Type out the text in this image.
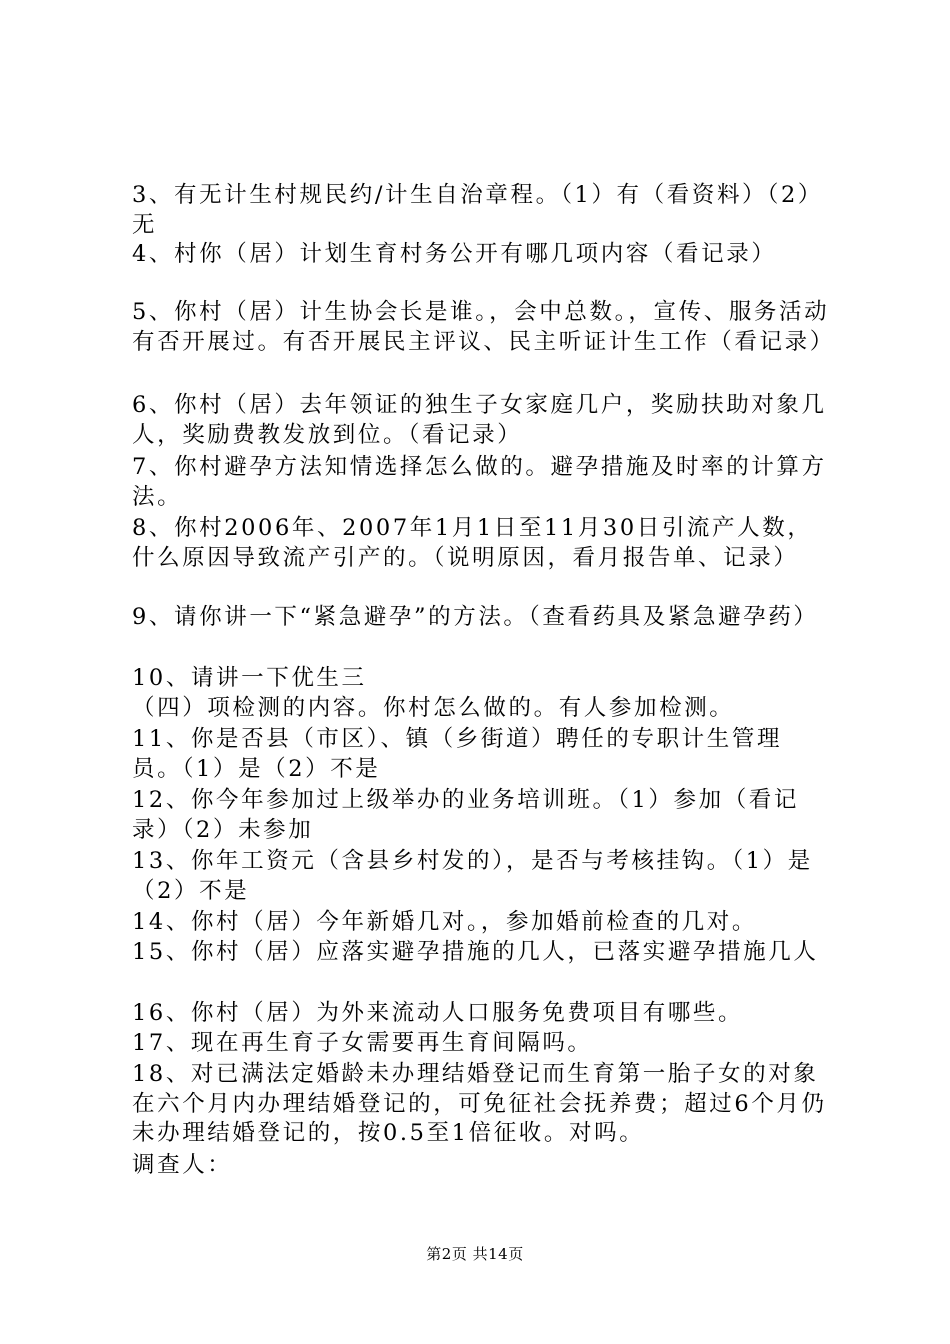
3、有无计生村规民约/计生自治章程。（1）有（看资料）（2）无
4、村你（居）计划生育村务公开有哪几项内容（看记录）
5、你村（居）计生协会长是谁。，会中总数。，宣传、服务活动有否开展过。有否开展民主评议、民主听证计生工作（看记录）
6、你村（居）去年领证的独生子女家庭几户，奖励扶助对象几人，奖励费教发放到位。（看记录）
7、你村避孕方法知情选择怎么做的。避孕措施及时率的计算方法。
8、你村2006年、2007年1月1日至11月30日引流产人数，什么原因导致流产引产的。（说明原因，看月报告单、记录）
9、请你讲一下“紧急避孕”的方法。（查看药具及紧急避孕药）
10、请讲一下优生三
（四）项检测的内容。你村怎么做的。有人参加检测。
11、你是否县（市区）、镇（乡街道）聘任的专职计生管理员。（1）是（2）不是
12、你今年参加过上级举办的业务培训班。（1）参加（看记录）（2）未参加
13、你年工资元（含县乡村发的），是否与考核挂钩。（1）是（2）不是
14、你村（居）今年新婚几对。，参加婚前检查的几对。
15、你村（居）应落实避孕措施的几人，已落实避孕措施几人
16、你村（居）为外来流动人口服务免费项目有哪些。
17、现在再生育子女需要再生育间隔吗。
18、对已满法定婚龄未办理结婚登记而生育第一胎子女的对象在六个月内办理结婚登记的，可免征社会抚养费；超过6个月仍未办理结婚登记的，按0.5至1倍征收。对吗。
调查人：
第2页 共14页
